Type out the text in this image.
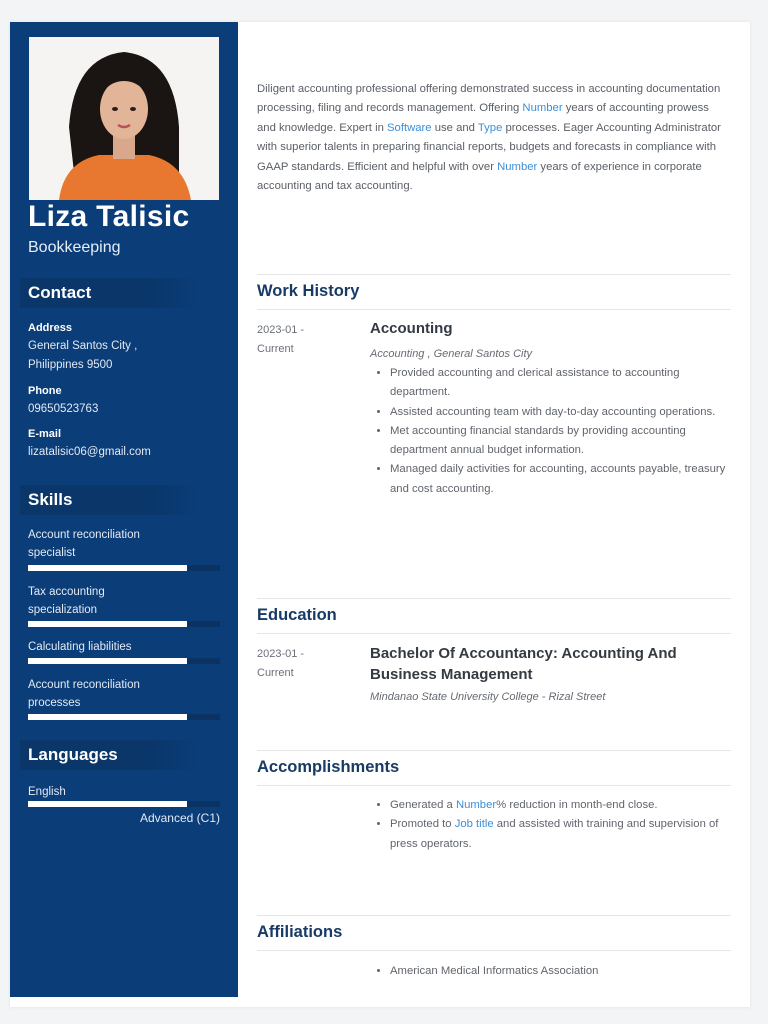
Liza Talisic
Bookkeeping
Contact
Address
General Santos City ,
Philippines 9500
Phone
09650523763
E-mail
lizatalisic06@gmail.com
Skills
Account reconciliation
specialist
Tax accounting
specialization
Calculating liabilities
Account reconciliation
processes
Languages
English
Advanced (C1)
Diligent accounting professional offering demonstrated success in accounting documentation processing, filing and records management. Offering Number years of accounting prowess and knowledge. Expert in Software use and Type processes. Eager Accounting Administrator with superior talents in preparing financial reports, budgets and forecasts in compliance with GAAP standards. Efficient and helpful with over Number years of experience in corporate accounting and tax accounting.
Work History
2023-01 -
Current
Accounting
Accounting , General Santos City
• Provided accounting and clerical assistance to accounting department.
• Assisted accounting team with day-to-day accounting operations.
• Met accounting financial standards by providing accounting department annual budget information.
• Managed daily activities for accounting, accounts payable, treasury and cost accounting.
Education
2023-01 -
Current
Bachelor Of Accountancy: Accounting And Business Management
Mindanao State University College - Rizal Street
Accomplishments
• Generated a Number% reduction in month-end close.
• Promoted to Job title and assisted with training and supervision of press operators.
Affiliations
• American Medical Informatics Association
